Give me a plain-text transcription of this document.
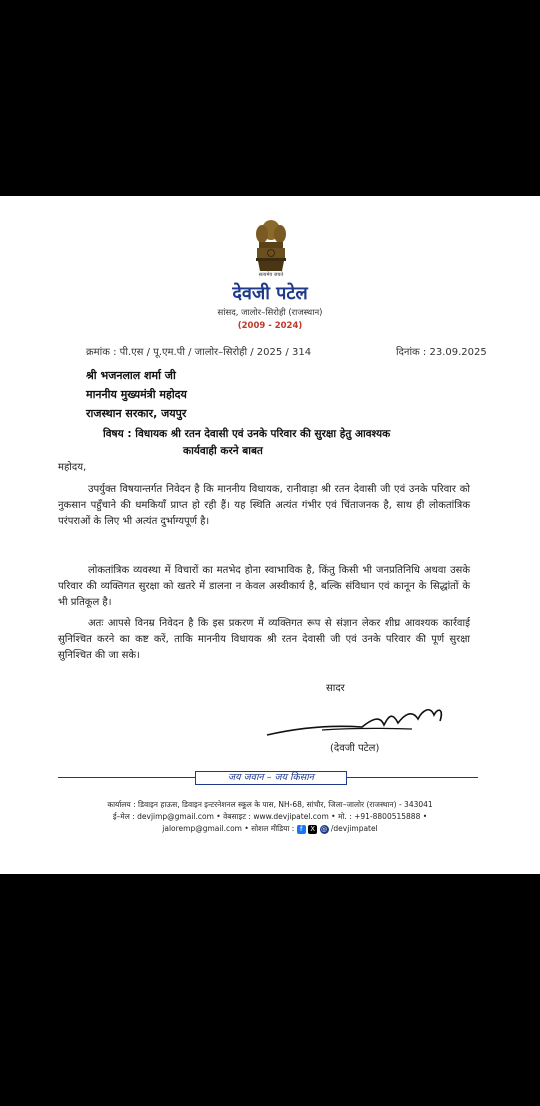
सत्यमेव जयते
देवजी पटेल
सांसद, जालोर–सिरोही (राजस्थान)
(2009 - 2024)
क्रमांक : पी.एस / पू.एम.पी / जालोर–सिरोही / 2025 / 314	दिनांक : 23.09.2025
श्री भजनलाल शर्मा जी
माननीय मुख्यमंत्री महोदय
राजस्थान सरकार, जयपुर
विषय : विधायक श्री रतन देवासी एवं उनके परिवार की सुरक्षा हेतु आवश्यक
कार्यवाही करने बाबत
महोदय,
उपर्युक्त विषयान्तर्गत निवेदन है कि माननीय विधायक, रानीवाड़ा श्री रतन देवासी जी एवं उनके परिवार को नुकसान पहुँचाने की धमकियाँ प्राप्त हो रही हैं। यह स्थिति अत्यंत गंभीर एवं चिंताजनक है, साथ ही लोकतांत्रिक परंपराओं के लिए भी अत्यंत दुर्भाग्यपूर्ण है।
लोकतांत्रिक व्यवस्था में विचारों का मतभेद होना स्वाभाविक है, किंतु किसी भी जनप्रतिनिधि अथवा उसके परिवार की व्यक्तिगत सुरक्षा को खतरे में डालना न केवल अस्वीकार्य है, बल्कि संविधान एवं कानून के सिद्धांतों के भी प्रतिकूल है।
अतः आपसे विनम्र निवेदन है कि इस प्रकरण में व्यक्तिगत रूप से संज्ञान लेकर शीघ्र आवश्यक कार्रवाई सुनिश्चित करने का कष्ट करें, ताकि माननीय विधायक श्री रतन देवासी जी एवं उनके परिवार की पूर्ण सुरक्षा सुनिश्चित की जा सके।
सादर
(देवजी पटेल)
जय जवान – जय किसान
कार्यालय : डिवाइन हाऊस, डिवाइन इन्टरनेशनल स्कूल के पास, NH-68, सांचौर, जिला–जालोर (राजस्थान) - 343041
ई–मेल : devjimp@gmail.com • वेबसाइट : www.devjipatel.com • मो. : +91-8800515888 •
jaloremp@gmail.com • सोशल मीडिया : f X ◎ /devjimpatel
